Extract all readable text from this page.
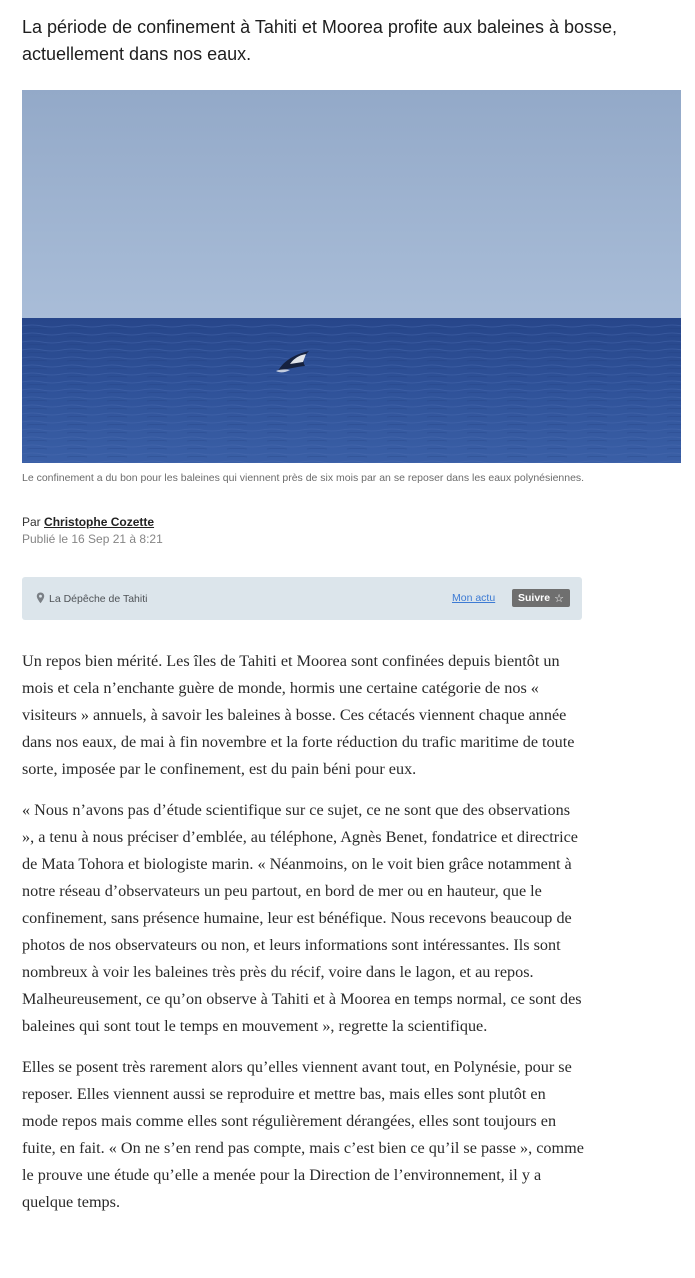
La période de confinement à Tahiti et Moorea profite aux baleines à bosse, actuellement dans nos eaux.

Le confinement a du bon pour les baleines qui viennent près de six mois par an se reposer dans les eaux polynésiennes.

Par Christophe Cozette
Publié le 16 Sep 21 à 8:21
La Dépêche de Tahiti	Mon actu Suivre ☆

Un repos bien mérité. Les îles de Tahiti et Moorea sont confinées depuis bientôt un mois et cela n’enchante guère de monde, hormis une certaine catégorie de nos « visiteurs » annuels, à savoir les baleines à bosse. Ces cétacés viennent chaque année dans nos eaux, de mai à fin novembre et la forte réduction du trafic maritime de toute sorte, imposée par le confinement, est du pain béni pour eux.

« Nous n’avons pas d’étude scientifique sur ce sujet, ce ne sont que des observations », a tenu à nous préciser d’emblée, au téléphone, Agnès Benet, fondatrice et directrice de Mata Tohora et biologiste marin. « Néanmoins, on le voit bien grâce notamment à notre réseau d’observateurs un peu partout, en bord de mer ou en hauteur, que le confinement, sans présence humaine, leur est bénéfique. Nous recevons beaucoup de photos de nos observateurs ou non, et leurs informations sont intéressantes. Ils sont nombreux à voir les baleines très près du récif, voire dans le lagon, et au repos. Malheureusement, ce qu’on observe à Tahiti et à Moorea en temps normal, ce sont des baleines qui sont tout le temps en mouvement », regrette la scientifique.

Elles se posent très rarement alors qu’elles viennent avant tout, en Polynésie, pour se reposer. Elles viennent aussi se reproduire et mettre bas, mais elles sont plutôt en mode repos mais comme elles sont régulièrement dérangées, elles sont toujours en fuite, en fait. « On ne s’en rend pas compte, mais c’est bien ce qu’il se passe », comme le prouve une étude qu’elle a menée pour la Direction de l’environnement, il y a quelque temps.
